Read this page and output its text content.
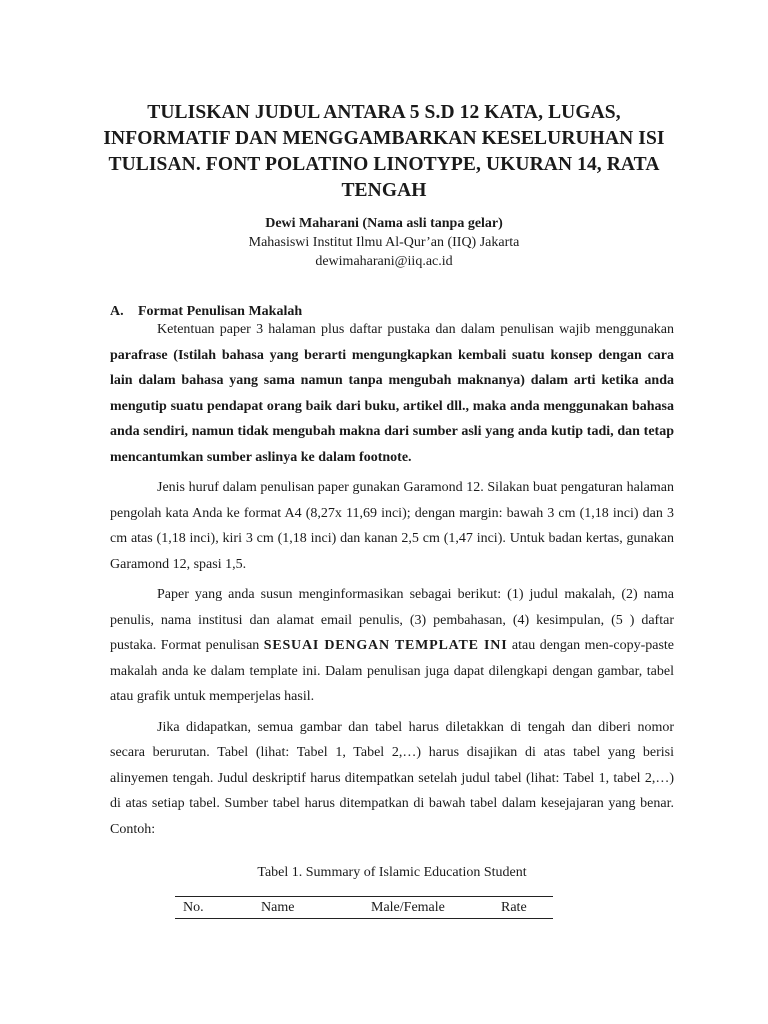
TULISKAN JUDUL ANTARA 5 S.D 12 KATA, LUGAS, INFORMATIF DAN MENGGAMBARKAN KESELURUHAN ISI TULISAN. FONT POLATINO LINOTYPE, UKURAN 14, RATA TENGAH
Dewi Maharani (Nama asli tanpa gelar)
Mahasiswi Institut Ilmu Al-Qur’an (IIQ) Jakarta
dewimaharani@iiq.ac.id
A. Format Penulisan Makalah

Ketentuan paper 3 halaman plus daftar pustaka dan dalam penulisan wajib menggunakan parafrase (Istilah bahasa yang berarti mengungkapkan kembali suatu konsep dengan cara lain dalam bahasa yang sama namun tanpa mengubah maknanya) dalam arti ketika anda mengutip suatu pendapat orang baik dari buku, artikel dll., maka anda menggunakan bahasa anda sendiri, namun tidak mengubah makna dari sumber asli yang anda kutip tadi, dan tetap mencantumkan sumber aslinya ke dalam footnote.

Jenis huruf dalam penulisan paper gunakan Garamond 12. Silakan buat pengaturan halaman pengolah kata Anda ke format A4 (8,27x 11,69 inci); dengan margin: bawah 3 cm (1,18 inci) dan 3 cm atas (1,18 inci), kiri 3 cm (1,18 inci) dan kanan 2,5 cm (1,47 inci). Untuk badan kertas, gunakan Garamond 12, spasi 1,5.

Paper yang anda susun menginformasikan sebagai berikut: (1) judul makalah, (2) nama penulis, nama institusi dan alamat email penulis, (3) pembahasan, (4) kesimpulan, (5 ) daftar pustaka. Format penulisan SESUAI DENGAN TEMPLATE INI atau dengan men-copy-paste makalah anda ke dalam template ini. Dalam penulisan juga dapat dilengkapi dengan gambar, tabel atau grafik untuk memperjelas hasil.

Jika didapatkan, semua gambar dan tabel harus diletakkan di tengah dan diberi nomor secara berurutan. Tabel (lihat: Tabel 1, Tabel 2,…) harus disajikan di atas tabel yang berisi alinyemen tengah. Judul deskriptif harus ditempatkan setelah judul tabel (lihat: Tabel 1, tabel 2,…) di atas setiap tabel. Sumber tabel harus ditempatkan di bawah tabel dalam kesejajaran yang benar. Contoh:

Tabel 1. Summary of Islamic Education Student
No.	Name	Male/Female	Rate
